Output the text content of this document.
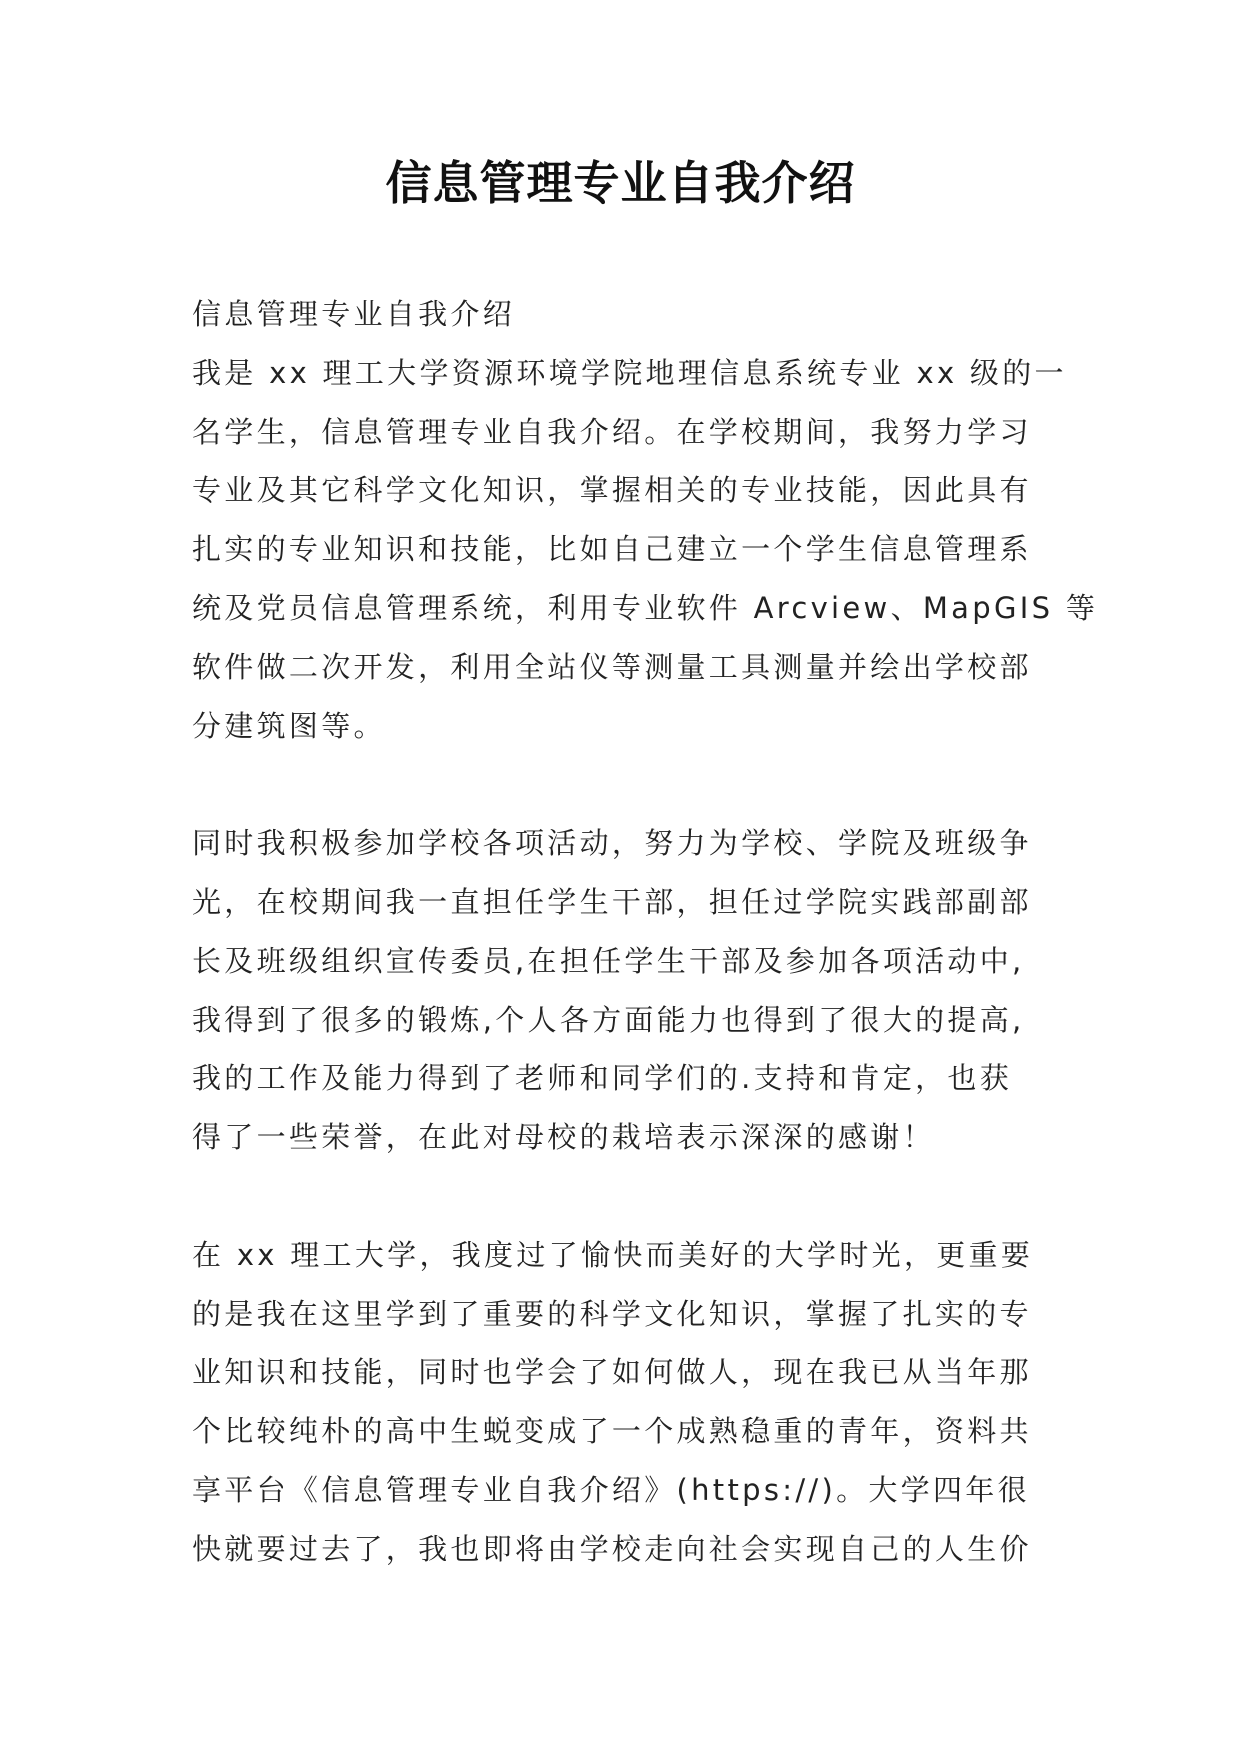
信息管理专业自我介绍
信息管理专业自我介绍

我是 xx 理工大学资源环境学院地理信息系统专业 xx 级的一
名学生，信息管理专业自我介绍。在学校期间，我努力学习
专业及其它科学文化知识，掌握相关的专业技能，因此具有
扎实的专业知识和技能，比如自己建立一个学生信息管理系
统及党员信息管理系统，利用专业软件 Arcview、MapGIS 等
软件做二次开发，利用全站仪等测量工具测量并绘出学校部
分建筑图等。

同时我积极参加学校各项活动，努力为学校、学院及班级争
光，在校期间我一直担任学生干部，担任过学院实践部副部
长及班级组织宣传委员,在担任学生干部及参加各项活动中,
我得到了很多的锻炼,个人各方面能力也得到了很大的提高,
我的工作及能力得到了老师和同学们的.支持和肯定，也获
得了一些荣誉，在此对母校的栽培表示深深的感谢！

在 xx 理工大学，我度过了愉快而美好的大学时光，更重要
的是我在这里学到了重要的科学文化知识，掌握了扎实的专
业知识和技能，同时也学会了如何做人，现在我已从当年那
个比较纯朴的高中生蜕变成了一个成熟稳重的青年，资料共
享平台《信息管理专业自我介绍》(https://)。大学四年很
快就要过去了，我也即将由学校走向社会实现自己的人生价
